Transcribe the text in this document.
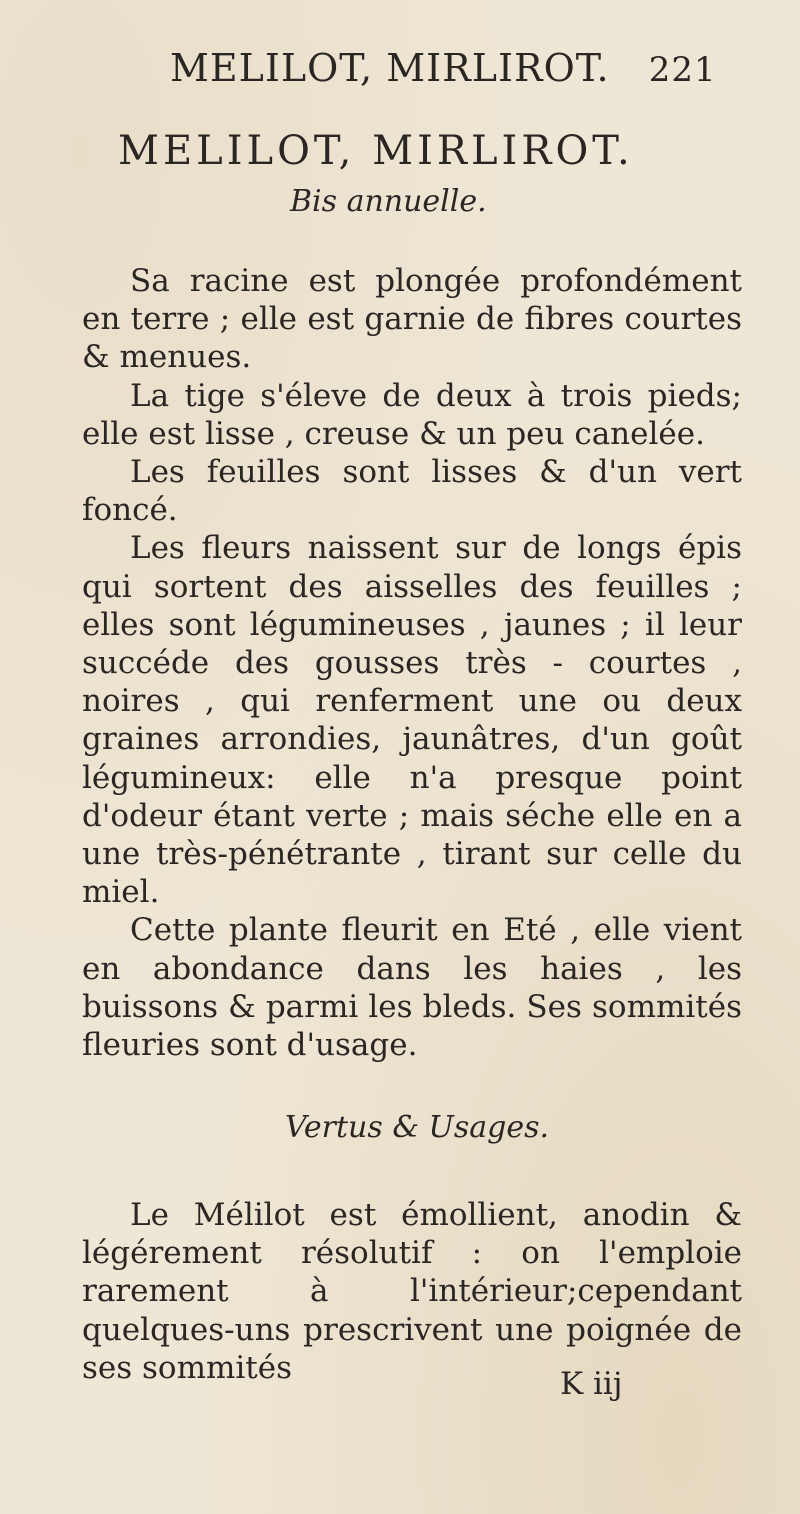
MELILOT, MIRLIROT. 221
MELILOT, MIRLIROT.
Bis annuelle.

Sa racine est plongée profondément en terre ; elle est garnie de fibres courtes & menues.

La tige s'éleve de deux à trois pieds; elle est lisse , creuse & un peu canelée.

Les feuilles sont lisses & d'un vert foncé.

Les fleurs naissent sur de longs épis qui sortent des aisselles des feuilles ; elles sont légumineuses , jaunes ; il leur succéde des gousses très - courtes , noires , qui renferment une ou deux graines arrondies, jaunâtres, d'un goût légumineux: elle n'a presque point d'odeur étant verte ; mais séche elle en a une très-pénétrante , tirant sur celle du miel.

Cette plante fleurit en Eté , elle vient en abondance dans les haies , les buissons & parmi les bleds. Ses sommités fleuries sont d'usage.

Vertus & Usages.

Le Mélilot est émollient, anodin & légérement résolutif : on l'emploie rarement à l'intérieur;cependant quelques-uns prescrivent une poignée de ses sommités	K iij
